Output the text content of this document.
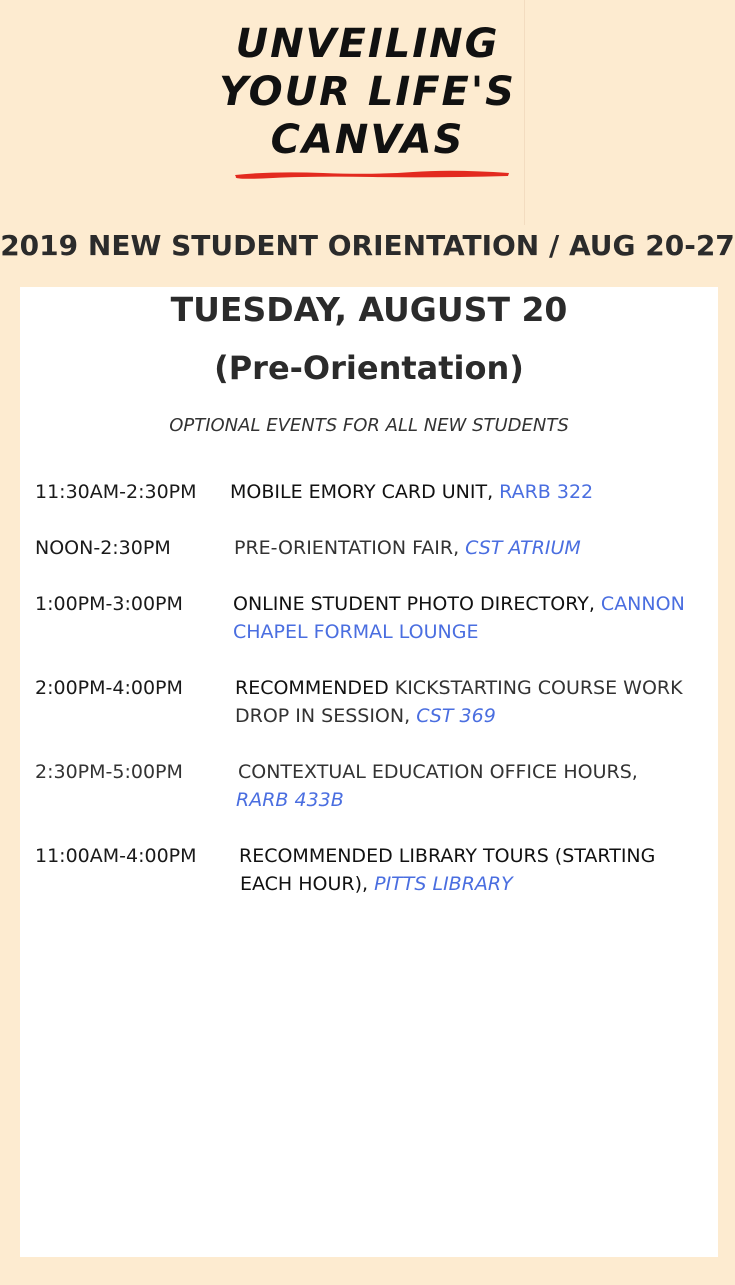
UNVEILING
YOUR LIFE'S
CANVAS
2019 NEW STUDENT ORIENTATION / AUG 20-27
TUESDAY, AUGUST 20
(Pre-Orientation)

OPTIONAL EVENTS FOR ALL NEW STUDENTS

11:30AM-2:30PM MOBILE EMORY CARD UNIT, RARB 322
NOON-2:30PM	PRE-ORIENTATION FAIR, CST ATRIUM
1:00PM-3:00PM	ONLINE STUDENT PHOTO DIRECTORY, CANNON
CHAPEL FORMAL LOUNGE
2:00PM-4:00PM	RECOMMENDED KICKSTARTING COURSE WORK
DROP IN SESSION, CST 369
2:30PM-5:00PM	CONTEXTUAL EDUCATION OFFICE HOURS,
RARB 433B
11:00AM-4:00PM RECOMMENDED LIBRARY TOURS (STARTING
EACH HOUR), PITTS LIBRARY
